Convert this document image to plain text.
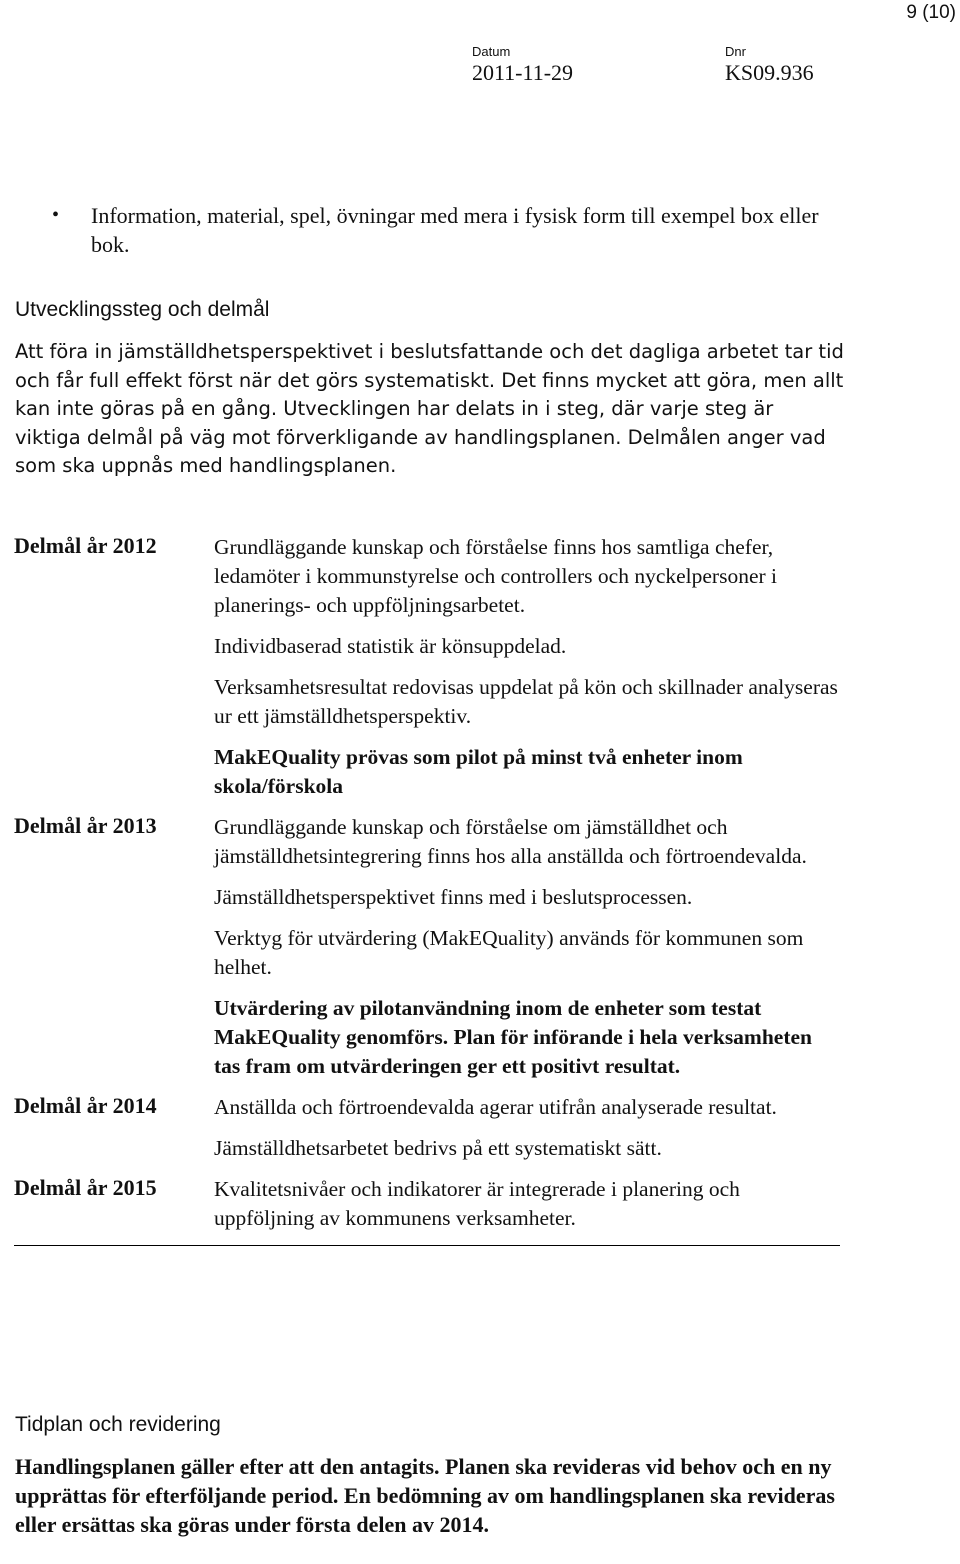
9 (10)
Datum
2011-11-29
Dnr
KS09.936
• Information, material, spel, övningar med mera i fysisk form till exempel box eller bok.
Utvecklingssteg och delmål
Att föra in jämställdhetsperspektivet i beslutsfattande och det dagliga arbetet tar tid och får full effekt först när det görs systematiskt. Det finns mycket att göra, men allt kan inte göras på en gång. Utvecklingen har delats in i steg, där varje steg är viktiga delmål på väg mot förverkligande av handlingsplanen. Delmålen anger vad som ska uppnås med handlingsplanen.
Delmål år 2012	Grundläggande kunskap och förståelse finns hos samtliga chefer, ledamöter i kommunstyrelse och controllers och nyckelpersoner i planerings- och uppföljningsarbetet.
Individbaserad statistik är könsuppdelad.
Verksamhetsresultat redovisas uppdelat på kön och skillnader analyseras ur ett jämställdhetsperspektiv.
MakEQuality prövas som pilot på minst två enheter inom skola/förskola
Delmål år 2013	Grundläggande kunskap och förståelse om jämställdhet och jämställdhetsintegrering finns hos alla anställda och förtroendevalda.
Jämställdhetsperspektivet finns med i beslutsprocessen.
Verktyg för utvärdering (MakEQuality) används för kommunen som helhet.
Utvärdering av pilotanvändning inom de enheter som testat MakEQuality genomförs. Plan för införande i hela verksamheten tas fram om utvärderingen ger ett positivt resultat.
Delmål år 2014	Anställda och förtroendevalda agerar utifrån analyserade resultat.
Jämställdhetsarbetet bedrivs på ett systematiskt sätt.
Delmål år 2015	Kvalitetsnivåer och indikatorer är integrerade i planering och uppföljning av kommunens verksamheter.
Tidplan och revidering
Handlingsplanen gäller efter att den antagits. Planen ska revideras vid behov och en ny upprättas för efterföljande period. En bedömning av om handlingsplanen ska revideras eller ersättas ska göras under första delen av 2014.
